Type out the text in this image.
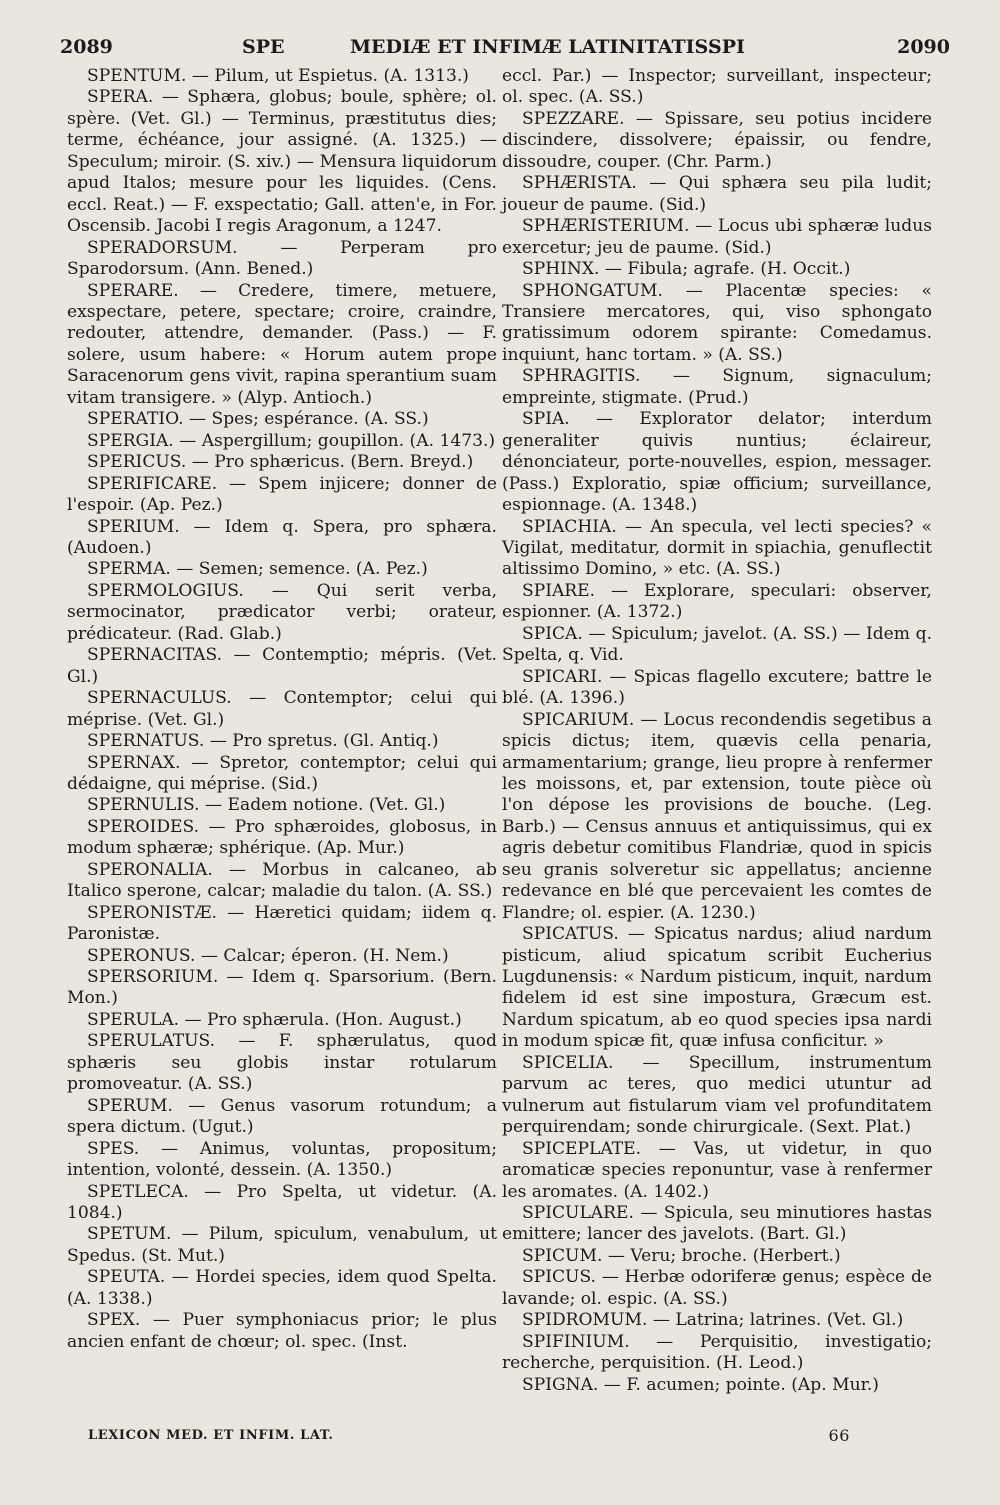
2089	SPE	MEDIÆ ET INFIMÆ LATINITATIS.
SPI	2090

SPENTUM. — Pilum, ut Espietus. (A. 1313.)

SPERA. — Sphæra, globus; boule, sphère; ol. spère. (Vet. Gl.) — Terminus, præstitutus dies; terme, échéance, jour assigné. (A. 1325.) — Speculum; miroir. (S. xiv.) — Mensura liquidorum apud Italos; mesure pour les liquides. (Cens. eccl. Reat.) — F. exspectatio; Gall. atten'e, in For. Oscensib. Jacobi I regis Aragonum, a 1247.

SPERADORSUM. — Perperam pro Sparodorsum. (Ann. Bened.)

SPERARE. — Credere, timere, metuere, exspectare, petere, spectare; croire, craindre, redouter, attendre, demander. (Pass.) — F. solere, usum habere: « Horum autem prope Saracenorum gens vivit, rapina sperantium suam vitam transigere. » (Alyp. Antioch.)

SPERATIO. — Spes; espérance. (A. SS.)

SPERGIA. — Aspergillum; goupillon. (A. 1473.)

SPERICUS. — Pro sphæricus. (Bern. Breyd.)

SPERIFICARE. — Spem injicere; donner de l'espoir. (Ap. Pez.)

SPERIUM. — Idem q. Spera, pro sphæra. (Audoen.)

SPERMA. — Semen; semence. (A. Pez.)

SPERMOLOGIUS. — Qui serit verba, sermocinator, prædicator verbi; orateur, prédicateur. (Rad. Glab.)

SPERNACITAS. — Contemptio; mépris. (Vet. Gl.)

SPERNACULUS. — Contemptor; celui qui méprise. (Vet. Gl.)

SPERNATUS. — Pro spretus. (Gl. Antiq.)

SPERNAX. — Spretor, contemptor; celui qui dédaigne, qui méprise. (Sid.)

SPERNULIS. — Eadem notione. (Vet. Gl.)

SPEROIDES. — Pro sphæroides, globosus, in modum sphæræ; sphérique. (Ap. Mur.)

SPERONALIA. — Morbus in calcaneo, ab Italico sperone, calcar; maladie du talon. (A. SS.)

SPERONISTÆ. — Hæretici quidam; iidem q. Paronistæ.

SPERONUS. — Calcar; éperon. (H. Nem.)

SPERSORIUM. — Idem q. Sparsorium. (Bern. Mon.)

SPERULA. — Pro sphærula. (Hon. August.)

SPERULATUS. — F. sphærulatus, quod sphæris seu globis instar rotularum promoveatur. (A. SS.)

SPERUM. — Genus vasorum rotundum; a spera dictum. (Ugut.)

SPES. — Animus, voluntas, propositum; intention, volonté, dessein. (A. 1350.)

SPETLECA. — Pro Spelta, ut videtur. (A. 1084.)

SPETUM. — Pilum, spiculum, venabulum, ut Spedus. (St. Mut.)

SPEUTA. — Hordei species, idem quod Spelta. (A. 1338.)

SPEX. — Puer symphoniacus prior; le plus ancien enfant de chœur; ol. spec. (Inst.

eccl. Par.) — Inspector; surveillant, inspecteur; ol. spec. (A. SS.)

SPEZZARE. — Spissare, seu potius incidere discindere, dissolvere; épaissir, ou fendre, dissoudre, couper. (Chr. Parm.)

SPHÆRISTA. — Qui sphæra seu pila ludit; joueur de paume. (Sid.)

SPHÆRISTERIUM. — Locus ubi sphæræ ludus exercetur; jeu de paume. (Sid.)

SPHINX. — Fibula; agrafe. (H. Occit.)

SPHONGATUM. — Placentæ species: « Transiere mercatores, qui, viso sphongato gratissimum odorem spirante: Comedamus. inquiunt, hanc tortam. » (A. SS.)

SPHRAGITIS. — Signum, signaculum; empreinte, stigmate. (Prud.)

SPIA. — Explorator delator; interdum generaliter quivis nuntius; éclaireur, dénonciateur, porte-nouvelles, espion, messager. (Pass.) Exploratio, spiæ officium; surveillance, espionnage. (A. 1348.)

SPIACHIA. — An specula, vel lecti species? « Vigilat, meditatur, dormit in spiachia, genuflectit altissimo Domino, » etc. (A. SS.)

SPIARE. — Explorare, speculari: observer, espionner. (A. 1372.)

SPICA. — Spiculum; javelot. (A. SS.) — Idem q. Spelta, q. Vid.

SPICARI. — Spicas flagello excutere; battre le blé. (A. 1396.)

SPICARIUM. — Locus recondendis segetibus a spicis dictus; item, quævis cella penaria, armamentarium; grange, lieu propre à renfermer les moissons, et, par extension, toute pièce où l'on dépose les provisions de bouche. (Leg. Barb.) — Census annuus et antiquissimus, qui ex agris debetur comitibus Flandriæ, quod in spicis seu granis solveretur sic appellatus; ancienne redevance en blé que percevaient les comtes de Flandre; ol. espier. (A. 1230.)

SPICATUS. — Spicatus nardus; aliud nardum pisticum, aliud spicatum scribit Eucherius Lugdunensis: « Nardum pisticum, inquit, nardum fidelem id est sine impostura, Græcum est. Nardum spicatum, ab eo quod species ipsa nardi in modum spicæ fit, quæ infusa conficitur. »

SPICELIA. — Specillum, instrumentum parvum ac teres, quo medici utuntur ad vulnerum aut fistularum viam vel profunditatem perquirendam; sonde chirurgicale. (Sext. Plat.)

SPICEPLATE. — Vas, ut videtur, in quo aromaticæ species reponuntur, vase à renfermer les aromates. (A. 1402.)

SPICULARE. — Spicula, seu minutiores hastas emittere; lancer des javelots. (Bart. Gl.)

SPICUM. — Veru; broche. (Herbert.)

SPICUS. — Herbæ odoriferæ genus; espèce de lavande; ol. espic. (A. SS.)

SPIDROMUM. — Latrina; latrines. (Vet. Gl.)

SPIFINIUM. — Perquisitio, investigatio; recherche, perquisition. (H. Leod.)

SPIGNA. — F. acumen; pointe. (Ap. Mur.)

LEXICON MED. ET INFIM. LAT.	66
